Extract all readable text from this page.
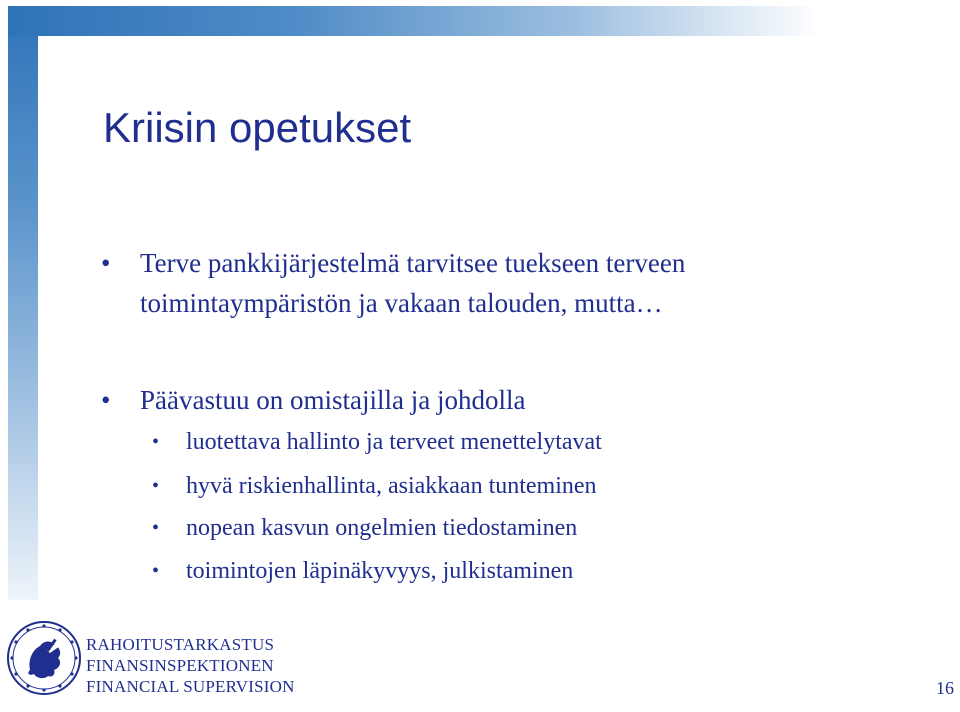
Kriisin opetukset
• Terve pankkijärjestelmä tarvitsee tuekseen terveen toimintaympäristön ja vakaan talouden, mutta…
• Päävastuu on omistajilla ja johdolla
• luotettava hallinto ja terveet menettelytavat
• hyvä riskienhallinta, asiakkaan tunteminen
• nopean kasvun ongelmien tiedostaminen
• toimintojen läpinäkyvyys, julkistaminen
RAHOITUSTARKASTUS
FINANSINSPEKTIONEN
FINANCIAL SUPERVISION	16
